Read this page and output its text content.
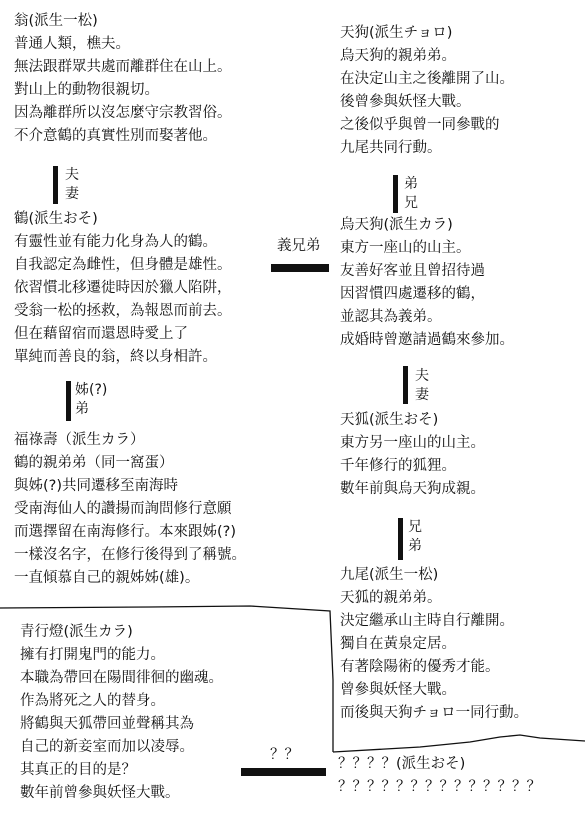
翁(派生一松)
普通人類，樵夫。
無法跟群眾共處而離群住在山上。
對山上的動物很親切。
因為離群所以沒怎麼守宗教習俗。
不介意鶴的真實性別而娶著他。
夫
妻
鶴(派生おそ)
有靈性並有能力化身為人的鶴。
自我認定為雌性，但身體是雄性。
依習慣北移遷徙時因於獵人陷阱，
受翁一松的拯救，為報恩而前去。
但在藉留宿而還恩時愛上了
單純而善良的翁，終以身相許。
姊(?)
弟
福祿壽（派生カラ）
鶴的親弟弟（同一窩蛋）
與姊(?)共同遷移至南海時
受南海仙人的讚揚而詢問修行意願
而選擇留在南海修行。本來跟姊(?)
一樣沒名字，在修行後得到了稱號。
一直傾慕自己的親姊姊(雄)。
青行燈(派生カラ)
擁有打開鬼門的能力。
本職為帶回在陽間徘徊的幽魂。
作為將死之人的替身。
將鶴與天狐帶回並聲稱其為
自己的新妾室而加以凌辱。
其真正的目的是？
數年前曾參與妖怪大戰。
天狗(派生チョロ)
烏天狗的親弟弟。
在決定山主之後離開了山。
後曾參與妖怪大戰。
之後似乎與曾一同參戰的
九尾共同行動。
弟
兄
烏天狗(派生カラ)
東方一座山的山主。
友善好客並且曾招待過
因習慣四處遷移的鶴，
並認其為義弟。
成婚時曾邀請過鶴來參加。
夫
妻
天狐(派生おそ)
東方另一座山的山主。
千年修行的狐狸。
數年前與烏天狗成親。
兄
弟
九尾(派生一松)
天狐的親弟弟。
決定繼承山主時自行離開。
獨自在黃泉定居。
有著陰陽術的優秀才能。
曾參與妖怪大戰。
而後與天狗チョロ一同行動。
？？？？(派生おそ)
？？？？？？？？？？？？？？
義兄弟
？？
